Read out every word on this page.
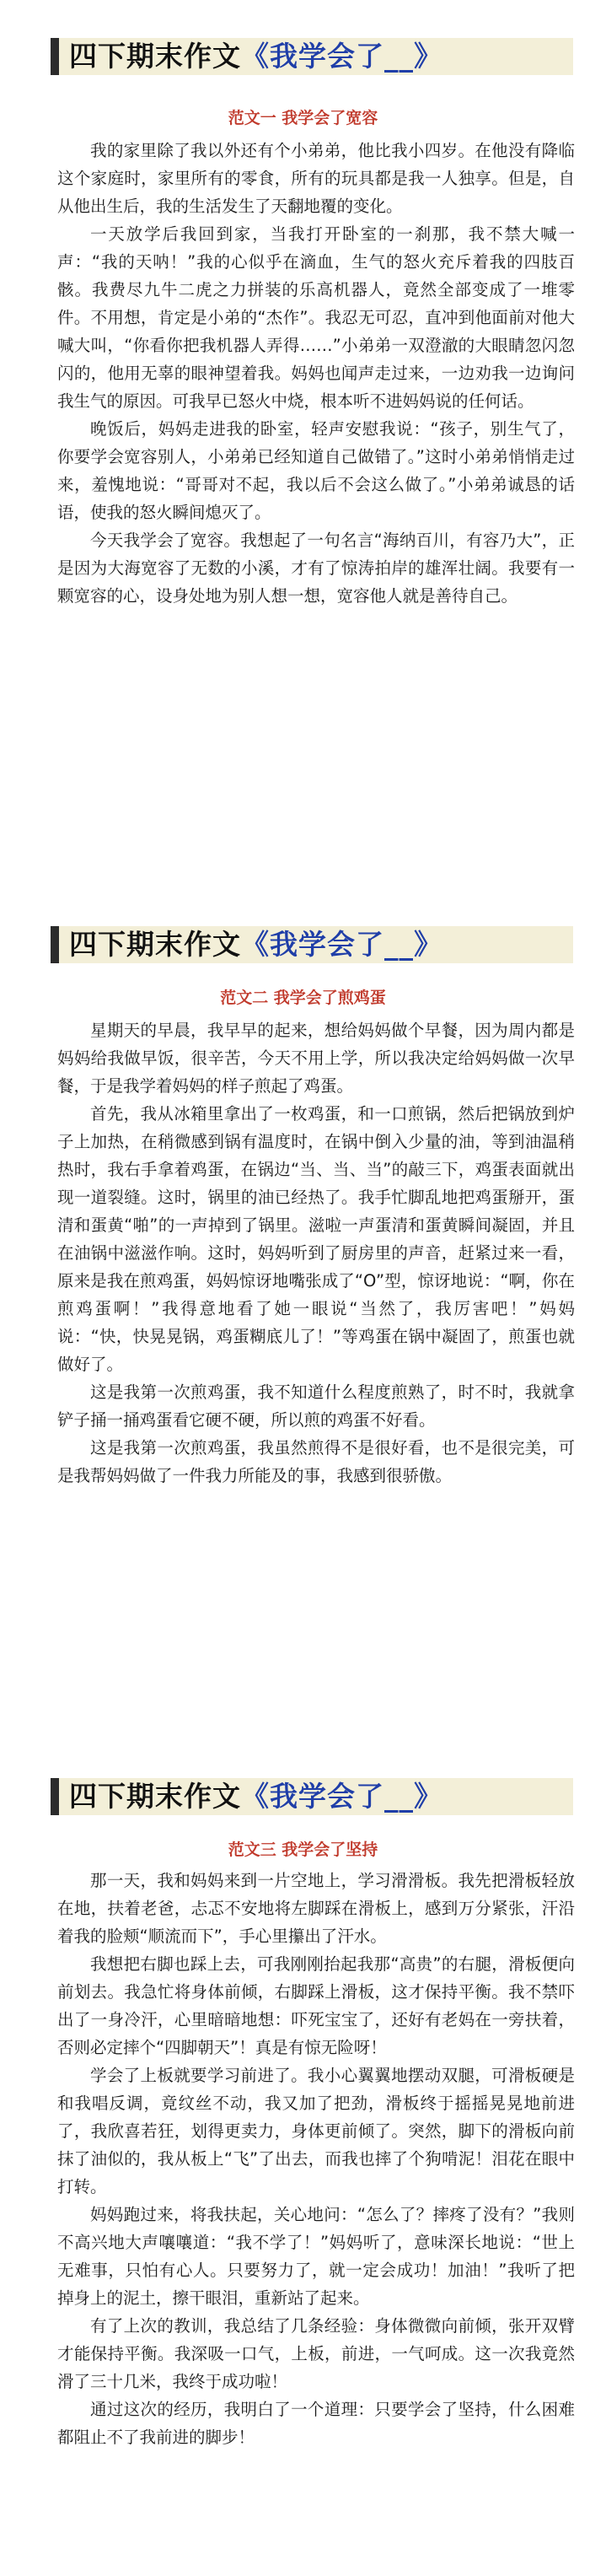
四下期末作文《我学会了__》
范文一 我学会了宽容

我的家里除了我以外还有个小弟弟，他比我小四岁。在他没有降临这个家庭时，家里所有的零食，所有的玩具都是我一人独享。但是，自从他出生后，我的生活发生了天翻地覆的变化。

一天放学后我回到家，当我打开卧室的一刹那，我不禁大喊一声：“我的天呐！”我的心似乎在滴血，生气的怒火充斥着我的四肢百骸。我费尽九牛二虎之力拼装的乐高机器人，竟然全部变成了一堆零件。不用想，肯定是小弟的“杰作”。我忍无可忍，直冲到他面前对他大喊大叫，“你看你把我机器人弄得……”小弟弟一双澄澈的大眼睛忽闪忽闪的，他用无辜的眼神望着我。妈妈也闻声走过来，一边劝我一边询问我生气的原因。可我早已怒火中烧，根本听不进妈妈说的任何话。

晚饭后，妈妈走进我的卧室，轻声安慰我说：“孩子，别生气了，你要学会宽容别人，小弟弟已经知道自己做错了。”这时小弟弟悄悄走过来，羞愧地说：“哥哥对不起，我以后不会这么做了。”小弟弟诚恳的话语，使我的怒火瞬间熄灭了。

今天我学会了宽容。我想起了一句名言“海纳百川，有容乃大”，正是因为大海宽容了无数的小溪，才有了惊涛拍岸的雄浑壮阔。我要有一颗宽容的心，设身处地为别人想一想，宽容他人就是善待自己。

四下期末作文《我学会了__》
范文二 我学会了煎鸡蛋

星期天的早晨，我早早的起来，想给妈妈做个早餐，因为周内都是妈妈给我做早饭，很辛苦，今天不用上学，所以我决定给妈妈做一次早餐，于是我学着妈妈的样子煎起了鸡蛋。

首先，我从冰箱里拿出了一枚鸡蛋，和一口煎锅，然后把锅放到炉子上加热，在稍微感到锅有温度时，在锅中倒入少量的油，等到油温稍热时，我右手拿着鸡蛋，在锅边“当、当、当”的敲三下，鸡蛋表面就出现一道裂缝。这时，锅里的油已经热了。我手忙脚乱地把鸡蛋掰开，蛋清和蛋黄“啪”的一声掉到了锅里。滋啦一声蛋清和蛋黄瞬间凝固，并且在油锅中滋滋作响。这时，妈妈听到了厨房里的声音，赶紧过来一看，原来是我在煎鸡蛋，妈妈惊讶地嘴张成了“O”型，惊讶地说：“啊，你在煎鸡蛋啊！”我得意地看了她一眼说“当然了，我厉害吧！”妈妈说：“快，快晃晃锅，鸡蛋糊底儿了！”等鸡蛋在锅中凝固了，煎蛋也就做好了。

这是我第一次煎鸡蛋，我不知道什么程度煎熟了，时不时，我就拿铲子捅一捅鸡蛋看它硬不硬，所以煎的鸡蛋不好看。

这是我第一次煎鸡蛋，我虽然煎得不是很好看，也不是很完美，可是我帮妈妈做了一件我力所能及的事，我感到很骄傲。

四下期末作文《我学会了__》
范文三 我学会了坚持

那一天，我和妈妈来到一片空地上，学习滑滑板。我先把滑板轻放在地，扶着老爸，忐忑不安地将左脚踩在滑板上，感到万分紧张，汗沿着我的脸颊“顺流而下”，手心里攥出了汗水。

我想把右脚也踩上去，可我刚刚抬起我那“高贵”的右腿，滑板便向前划去。我急忙将身体前倾，右脚踩上滑板，这才保持平衡。我不禁吓出了一身冷汗，心里暗暗地想：吓死宝宝了，还好有老妈在一旁扶着，否则必定摔个“四脚朝天”！真是有惊无险呀！

学会了上板就要学习前进了。我小心翼翼地摆动双腿，可滑板硬是和我唱反调，竟纹丝不动，我又加了把劲，滑板终于摇摇晃晃地前进了，我欣喜若狂，划得更卖力，身体更前倾了。突然，脚下的滑板向前抹了油似的，我从板上“飞”了出去，而我也摔了个狗啃泥！泪花在眼中打转。

妈妈跑过来，将我扶起，关心地问：“怎么了？摔疼了没有？”我则不高兴地大声嚷嚷道：“我不学了！”妈妈听了，意味深长地说：“世上无难事，只怕有心人。只要努力了，就一定会成功！加油！”我听了把掉身上的泥土，擦干眼泪，重新站了起来。

有了上次的教训，我总结了几条经验：身体微微向前倾，张开双臂才能保持平衡。我深吸一口气，上板，前进，一气呵成。这一次我竟然滑了三十几米，我终于成功啦！

通过这次的经历，我明白了一个道理：只要学会了坚持，什么困难都阻止不了我前进的脚步！
